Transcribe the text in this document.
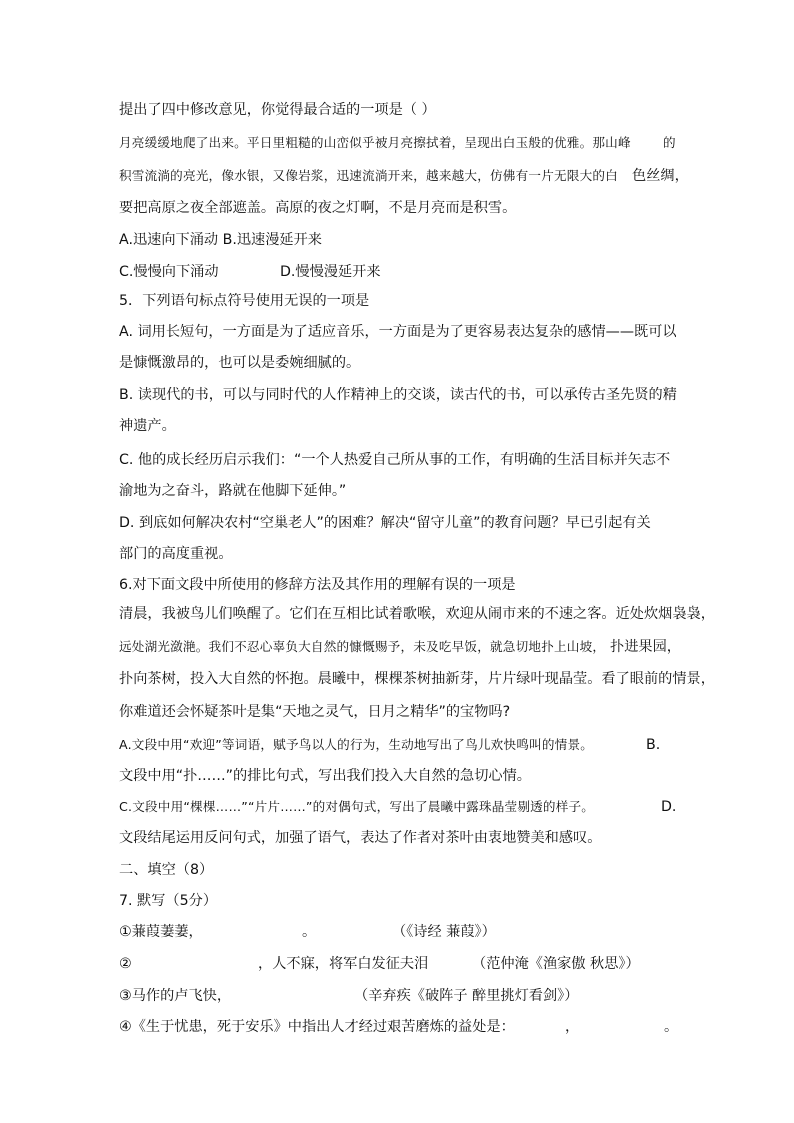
提出了四中修改意见，你觉得最合适的一项是（ ）
月亮缓缓地爬了出来。平日里粗糙的山峦似乎被月亮擦拭着，呈现出白玉般的优雅。那山峰	的
积雪流淌的亮光，像水银，又像岩浆，迅速流淌开来，越来越大，仿佛有一片无限大的白 色丝绸，
要把高原之夜全部遮盖。高原的夜之灯啊，不是月亮而是积雪。
A.迅速向下涌动 B.迅速漫延开来
C.慢慢向下涌动	D.慢慢漫延开来
5．下列语句标点符号使用无误的一项是
A. 词用长短句，一方面是为了适应音乐，一方面是为了更容易表达复杂的感情——既可以
是慷慨激昂的，也可以是委婉细腻的。
B. 读现代的书，可以与同时代的人作精神上的交谈，读古代的书，可以承传古圣先贤的精
神遗产。
C. 他的成长经历启示我们：“一个人热爱自己所从事的工作，有明确的生活目标并矢志不
渝地为之奋斗，路就在他脚下延伸。”
D. 到底如何解决农村“空巢老人”的困难？解决“留守儿童”的教育问题？早已引起有关
部门的高度重视。
6.对下面文段中所使用的修辞方法及其作用的理解有误的一项是
清晨，我被鸟儿们唤醒了。它们在互相比试着歌喉，欢迎从闹市来的不速之客。近处炊烟袅袅，
远处湖光潋滟。我们不忍心辜负大自然的慷慨赐予，未及吃早饭，就急切地扑上山坡， 扑进果园，
扑向茶树，投入大自然的怀抱。晨曦中，棵棵茶树抽新芽，片片绿叶现晶莹。看了眼前的情景，
你难道还会怀疑茶叶是集“天地之灵气，日月之精华”的宝物吗?
A.文段中用“欢迎”等词语，赋予鸟以人的行为，生动地写出了鸟儿欢快鸣叫的情景。	B.
文段中用“扑……”的排比句式，写出我们投入大自然的急切心情。
C.文段中用“棵棵……”“片片……”的对偶句式，写出了晨曦中露珠晶莹剔透的样子。	D.
文段结尾运用反问句式，加强了语气，表达了作者对茶叶由衷地赞美和感叹。
二、填空（8）
7. 默写（5分）
①蒹葭萋萋，	。	（《诗经 蒹葭》）
②	，人不寐，将军白发征夫泪	（范仲淹《渔家傲 秋思》）
③马作的卢飞快，	（辛弃疾《破阵子 醉里挑灯看剑》）
④《生于忧患，死于安乐》中指出人才经过艰苦磨炼的益处是：	，	。
